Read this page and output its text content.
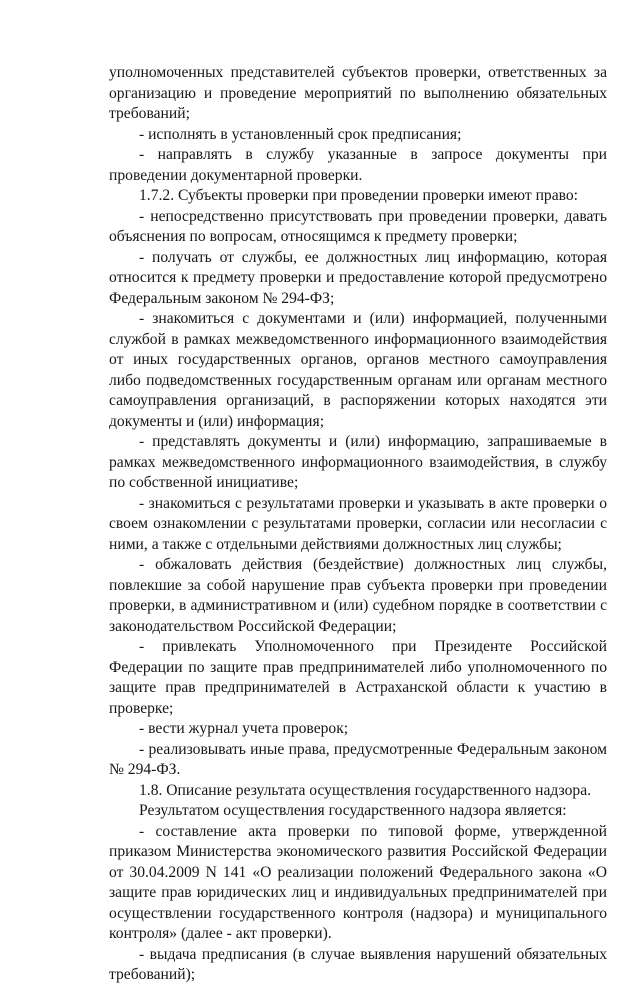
уполномоченных представителей субъектов проверки, ответственных за организацию и проведение мероприятий по выполнению обязательных требований;

- исполнять в установленный срок предписания;

- направлять в службу указанные в запросе документы при проведении документарной проверки.

1.7.2. Субъекты проверки при проведении проверки имеют право:

- непосредственно присутствовать при проведении проверки, давать объяснения по вопросам, относящимся к предмету проверки;

- получать от службы, ее должностных лиц информацию, которая относится к предмету проверки и предоставление которой предусмотрено Федеральным законом № 294-ФЗ;

- знакомиться с документами и (или) информацией, полученными службой в рамках межведомственного информационного взаимодействия от иных государственных органов, органов местного самоуправления либо подведомственных государственным органам или органам местного самоуправления организаций, в распоряжении которых находятся эти документы и (или) информация;

- представлять документы и (или) информацию, запрашиваемые в рамках межведомственного информационного взаимодействия, в службу по собственной инициативе;

- знакомиться с результатами проверки и указывать в акте проверки о своем ознакомлении с результатами проверки, согласии или несогласии с ними, а также с отдельными действиями должностных лиц службы;

- обжаловать действия (бездействие) должностных лиц службы, повлекшие за собой нарушение прав субъекта проверки при проведении проверки, в административном и (или) судебном порядке в соответствии с законодательством Российской Федерации;

- привлекать Уполномоченного при Президенте Российской Федерации по защите прав предпринимателей либо уполномоченного по защите прав предпринимателей в Астраханской области к участию в проверке;

- вести журнал учета проверок;

- реализовывать иные права, предусмотренные Федеральным законом № 294-ФЗ.

1.8. Описание результата осуществления государственного надзора.

Результатом осуществления государственного надзора является:

- составление акта проверки по типовой форме, утвержденной приказом Министерства экономического развития Российской Федерации от 30.04.2009 N 141 «О реализации положений Федерального закона «О защите прав юридических лиц и индивидуальных предпринимателей при осуществлении государственного контроля (надзора) и муниципального контроля» (далее - акт проверки).

- выдача предписания (в случае выявления нарушений обязательных требований);
